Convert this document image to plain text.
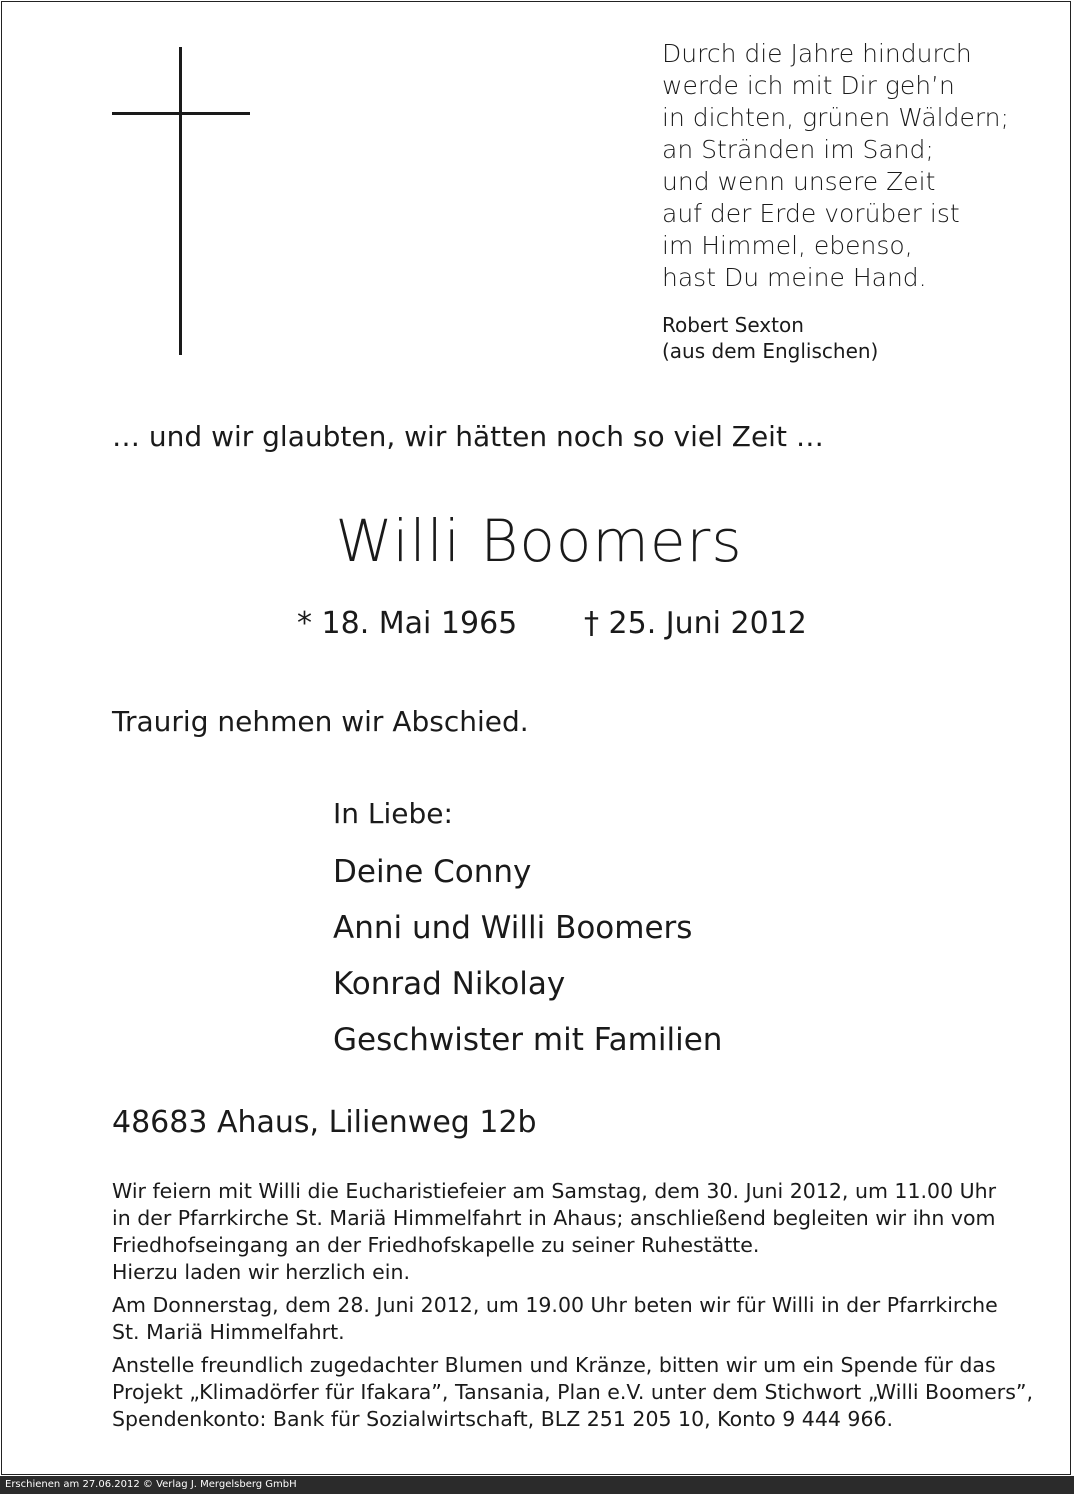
Durch die Jahre hindurch
werde ich mit Dir geh’n
in dichten, grünen Wäldern;
an Stränden im Sand;
und wenn unsere Zeit
auf der Erde vorüber ist
im Himmel, ebenso,
hast Du meine Hand.
Robert Sexton
(aus dem Englischen)
… und wir glaubten, wir hätten noch so viel Zeit …
Willi Boomers
* 18. Mai 1965 † 25. Juni 2012
Traurig nehmen wir Abschied.
In Liebe:
Deine Conny
Anni und Willi Boomers
Konrad Nikolay
Geschwister mit Familien
48683 Ahaus, Lilienweg 12b

Wir feiern mit Willi die Eucharistiefeier am Samstag, dem 30. Juni 2012, um 11.00 Uhr
in der Pfarrkirche St. Mariä Himmelfahrt in Ahaus; anschließend begleiten wir ihn vom
Friedhofseingang an der Friedhofskapelle zu seiner Ruhestätte.
Hierzu laden wir herzlich ein.

Am Donnerstag, dem 28. Juni 2012, um 19.00 Uhr beten wir für Willi in der Pfarrkirche
St. Mariä Himmelfahrt.

Anstelle freundlich zugedachter Blumen und Kränze, bitten wir um ein Spende für das
Projekt „Klimadörfer für Ifakara”, Tansania, Plan e.V. unter dem Stichwort „Willi Boomers”,
Spendenkonto: Bank für Sozialwirtschaft, BLZ 251 205 10, Konto 9 444 966.

Erschienen am 27.06.2012 © Verlag J. Mergelsberg GmbH
